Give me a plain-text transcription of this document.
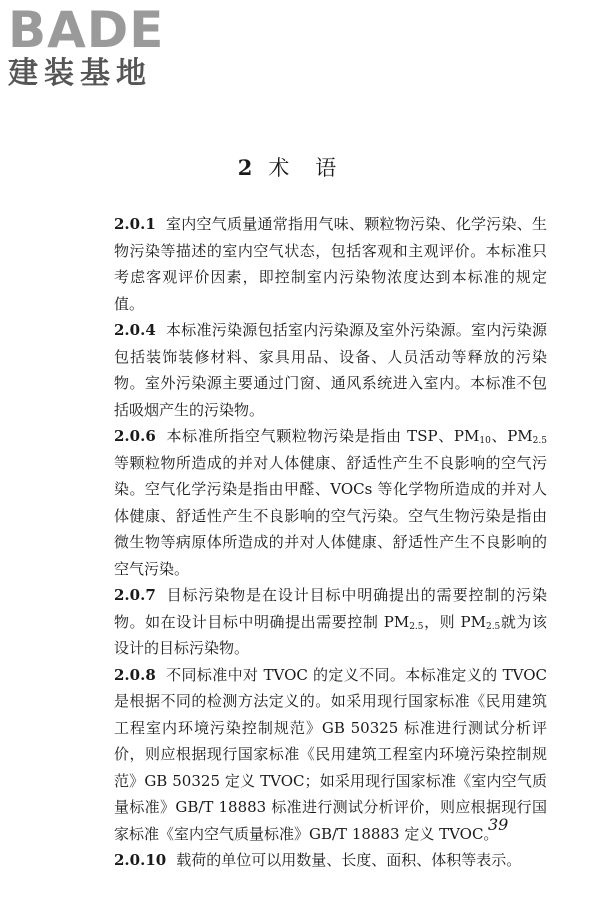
BADE
建装基地
2 术语

2.0.1 室内空气质量通常指用气味、颗粒物污染、化学污染、生物污染等描述的室内空气状态，包括客观和主观评价。本标准只考虑客观评价因素，即控制室内污染物浓度达到本标准的规定值。

2.0.4 本标准污染源包括室内污染源及室外污染源。室内污染源包括装饰装修材料、家具用品、设备、人员活动等释放的污染物。室外污染源主要通过门窗、通风系统进入室内。本标准不包括吸烟产生的污染物。

2.0.6 本标准所指空气颗粒物污染是指由 TSP、$PM_{10}$、$PM_{2.5}$等颗粒物所造成的并对人体健康、舒适性产生不良影响的空气污染。空气化学污染是指由甲醛、VOCs 等化学物所造成的并对人体健康、舒适性产生不良影响的空气污染。空气生物污染是指由微生物等病原体所造成的并对人体健康、舒适性产生不良影响的空气污染。

2.0.7 目标污染物是在设计目标中明确提出的需要控制的污染物。如在设计目标中明确提出需要控制 $PM_{2.5}$，则 $PM_{2.5}$就为该设计的目标污染物。

2.0.8 不同标准中对 TVOC 的定义不同。本标准定义的 TVOC 是根据不同的检测方法定义的。如采用现行国家标准《民用建筑工程室内环境污染控制规范》GB 50325 标准进行测试分析评价，则应根据现行国家标准《民用建筑工程室内环境污染控制规范》GB 50325 定义 TVOC；如采用现行国家标准《室内空气质量标准》GB/T 18883 标准进行测试分析评价，则应根据现行国家标准《室内空气质量标准》GB/T 18883 定义 TVOC。

2.0.10 载荷的单位可以用数量、长度、面积、体积等表示。

39
